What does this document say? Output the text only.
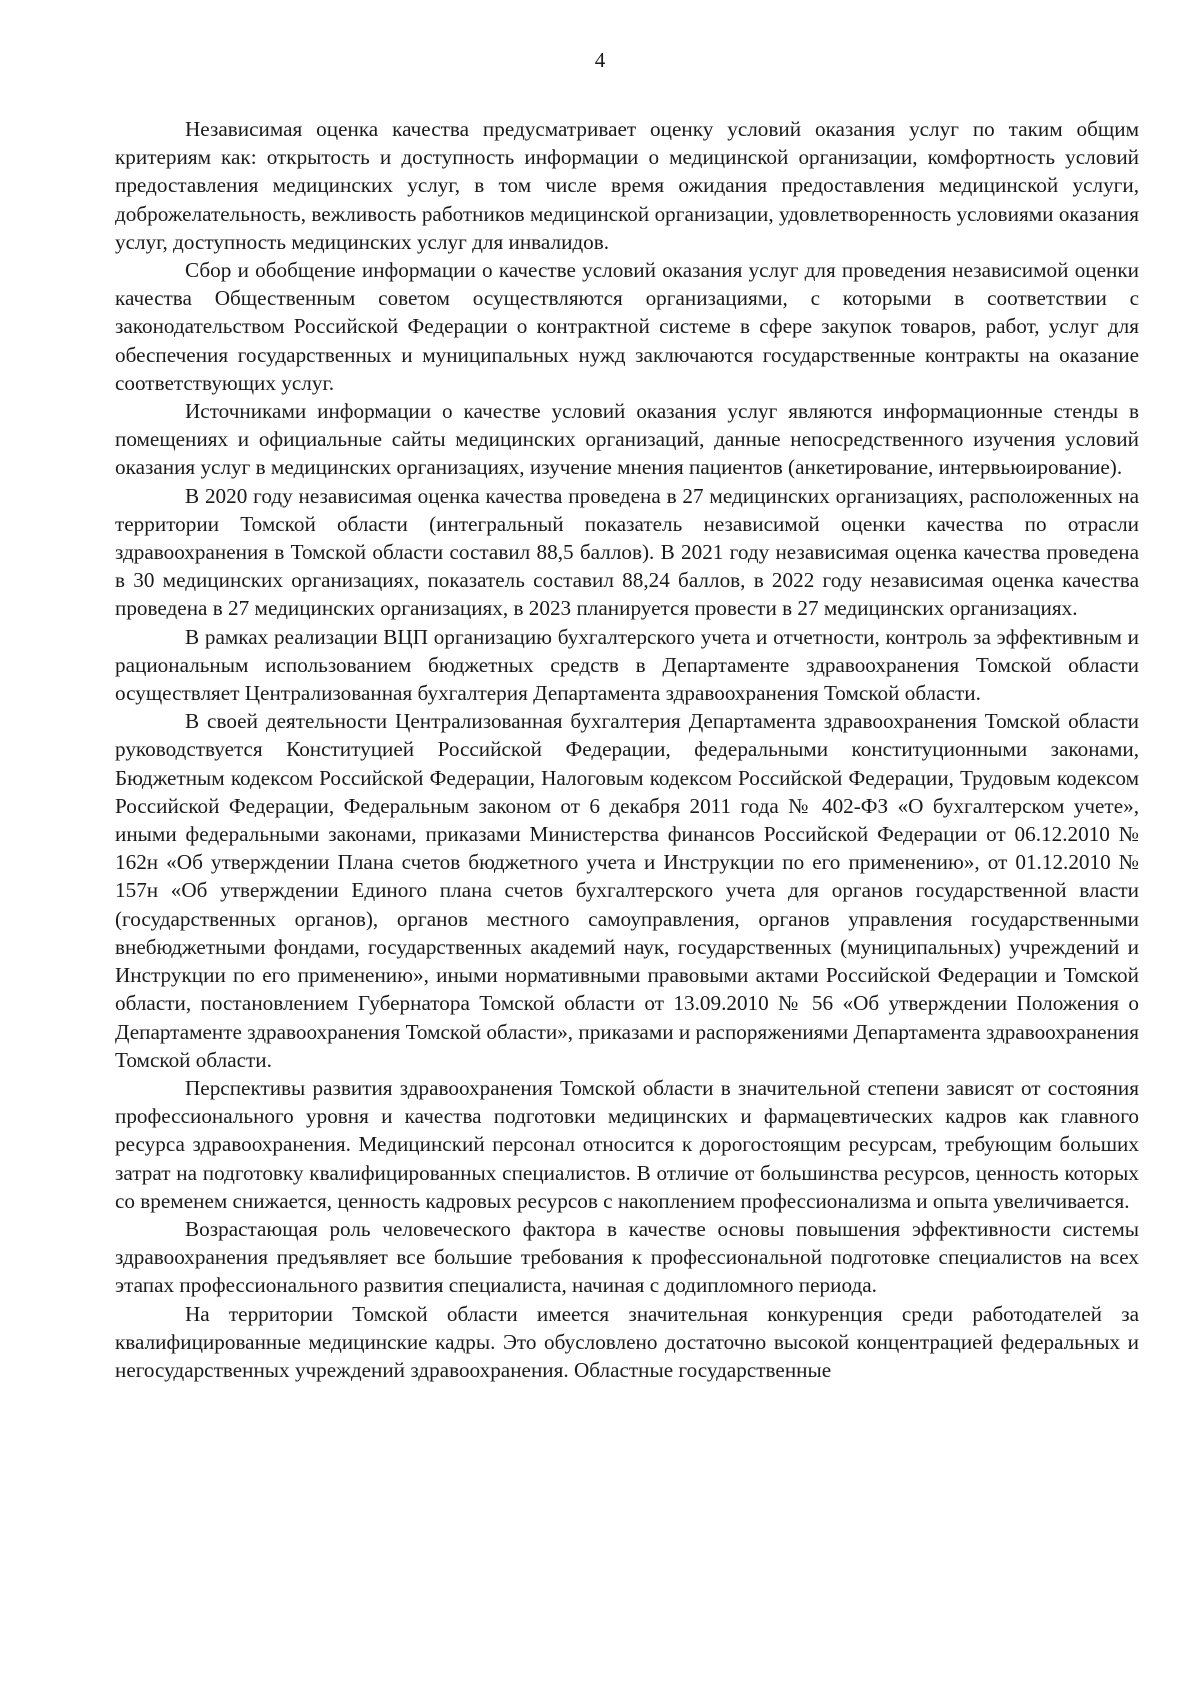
4

Независимая оценка качества предусматривает оценку условий оказания услуг по таким общим критериям как: открытость и доступность информации о медицинской организации, комфортность условий предоставления медицинских услуг, в том числе время ожидания предоставления медицинской услуги, доброжелательность, вежливость работников медицинской организации, удовлетворенность условиями оказания услуг, доступность медицинских услуг для инвалидов.

Сбор и обобщение информации о качестве условий оказания услуг для проведения независимой оценки качества Общественным советом осуществляются организациями, с которыми в соответствии с законодательством Российской Федерации о контрактной системе в сфере закупок товаров, работ, услуг для обеспечения государственных и муниципальных нужд заключаются государственные контракты на оказание соответствующих услуг.

Источниками информации о качестве условий оказания услуг являются информационные стенды в помещениях и официальные сайты медицинских организаций, данные непосредственного изучения условий оказания услуг в медицинских организациях, изучение мнения пациентов (анкетирование, интервьюирование).

В 2020 году независимая оценка качества проведена в 27 медицинских организациях, расположенных на территории Томской области (интегральный показатель независимой оценки качества по отрасли здравоохранения в Томской области составил 88,5 баллов). В 2021 году независимая оценка качества проведена в 30 медицинских организациях, показатель составил 88,24 баллов, в 2022 году независимая оценка качества проведена в 27 медицинских организациях, в 2023 планируется провести в 27 медицинских организациях.

В рамках реализации ВЦП организацию бухгалтерского учета и отчетности, контроль за эффективным и рациональным использованием бюджетных средств в Департаменте здравоохранения Томской области осуществляет Централизованная бухгалтерия Департамента здравоохранения Томской области.

В своей деятельности Централизованная бухгалтерия Департамента здравоохранения Томской области руководствуется Конституцией Российской Федерации, федеральными конституционными законами, Бюджетным кодексом Российской Федерации, Налоговым кодексом Российской Федерации, Трудовым кодексом Российской Федерации, Федеральным законом от 6 декабря 2011 года № 402-ФЗ «О бухгалтерском учете», иными федеральными законами, приказами Министерства финансов Российской Федерации от 06.12.2010 № 162н «Об утверждении Плана счетов бюджетного учета и Инструкции по его применению», от 01.12.2010 № 157н «Об утверждении Единого плана счетов бухгалтерского учета для органов государственной власти (государственных органов), органов местного самоуправления, органов управления государственными внебюджетными фондами, государственных академий наук, государственных (муниципальных) учреждений и Инструкции по его применению», иными нормативными правовыми актами Российской Федерации и Томской области, постановлением Губернатора Томской области от 13.09.2010 № 56 «Об утверждении Положения о Департаменте здравоохранения Томской области», приказами и распоряжениями Департамента здравоохранения Томской области.

Перспективы развития здравоохранения Томской области в значительной степени зависят от состояния профессионального уровня и качества подготовки медицинских и фармацевтических кадров как главного ресурса здравоохранения. Медицинский персонал относится к дорогостоящим ресурсам, требующим больших затрат на подготовку квалифицированных специалистов. В отличие от большинства ресурсов, ценность которых со временем снижается, ценность кадровых ресурсов с накоплением профессионализма и опыта увеличивается.

Возрастающая роль человеческого фактора в качестве основы повышения эффективности системы здравоохранения предъявляет все большие требования к профессиональной подготовке специалистов на всех этапах профессионального развития специалиста, начиная с додипломного периода.

На территории Томской области имеется значительная конкуренция среди работодателей за квалифицированные медицинские кадры. Это обусловлено достаточно высокой концентрацией федеральных и негосударственных учреждений здравоохранения. Областные государственные
